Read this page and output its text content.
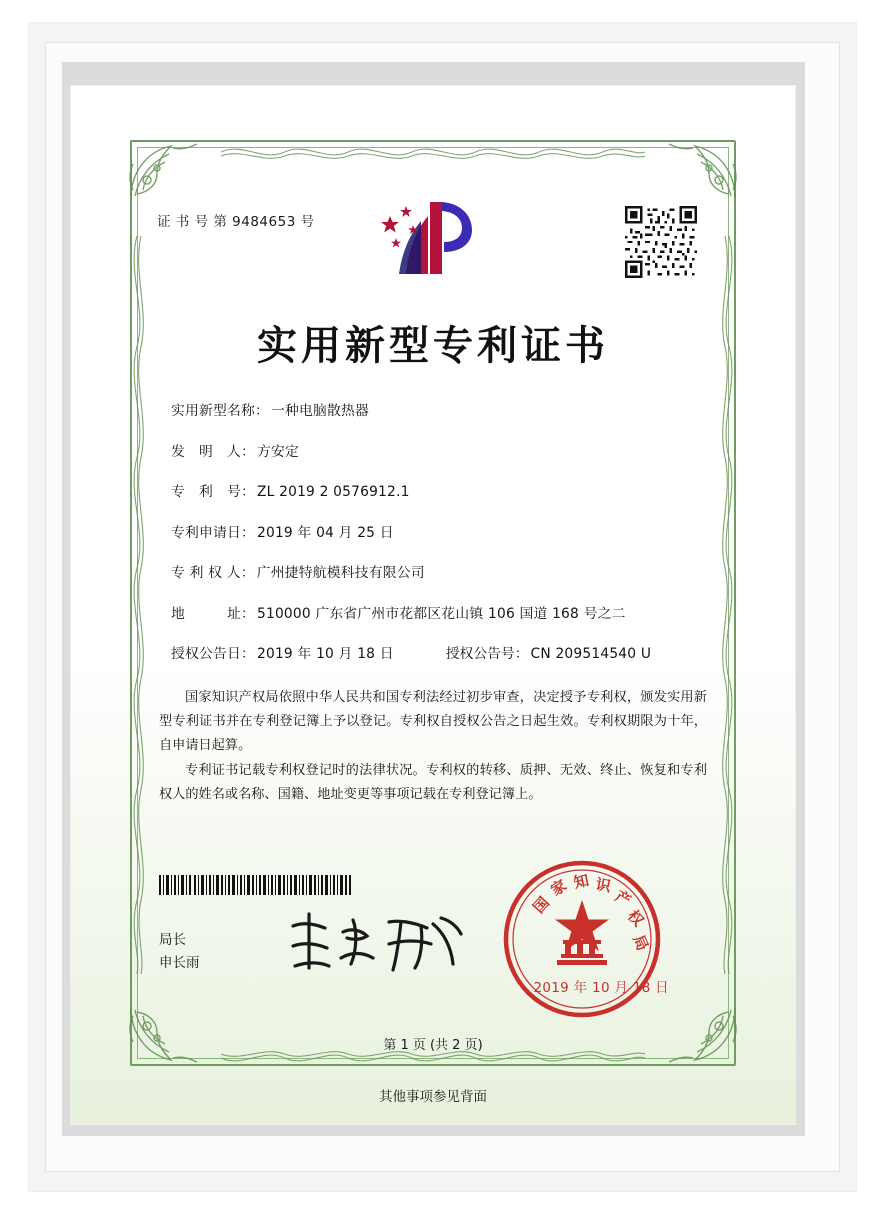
证 书 号 第 9484653 号
实用新型专利证书
实用新型名称： 一种电脑散热器
发　明　人： 方安定
专　利　号： ZL 2019 2 0576912.1
专利申请日： 2019 年 04 月 25 日
专 利 权 人： 广州捷特航模科技有限公司
地　　　址： 510000 广东省广州市花都区花山镇 106 国道 168 号之二
授权公告日： 2019 年 10 月 18 日	授权公告号： CN 209514540 U

国家知识产权局依照中华人民共和国专利法经过初步审查，决定授予专利权，颁发实用新型专利证书并在专利登记簿上予以登记。专利权自授权公告之日起生效。专利权期限为十年，自申请日起算。

专利证书记载专利权登记时的法律状况。专利权的转移、质押、无效、终止、恢复和专利权人的姓名或名称、国籍、地址变更等事项记载在专利登记簿上。

局长
申长雨
国
家 知 识
产
权
局
2019 年 10 月 18 日
第 1 页 (共 2 页)
其他事项参见背面
